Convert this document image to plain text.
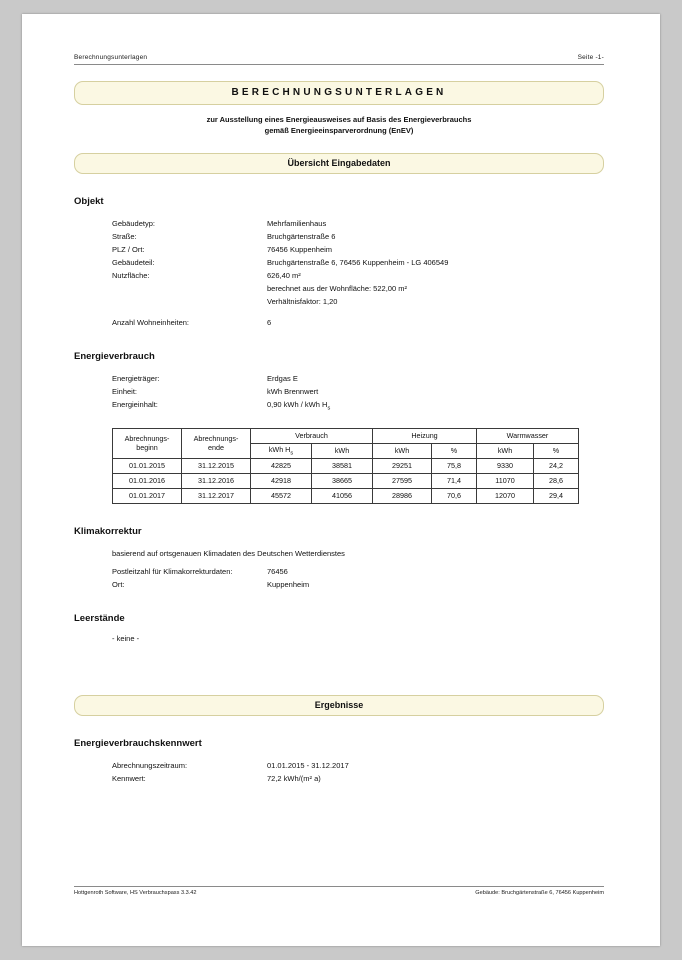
Berechnungsunterlagen	Seite -1-
BERECHNUNGSUNTERLAGEN
zur Ausstellung eines Energieausweises auf Basis des Energieverbrauchs
gemäß Energieeinsparverordnung (EnEV)
Übersicht Eingabedaten
Objekt
Gebäudetyp:	Mehrfamilienhaus
Straße:	Bruchgärtenstraße 6
PLZ / Ort:	76456 Kuppenheim
Gebäudeteil:	Bruchgärtenstraße 6, 76456 Kuppenheim - LG 406549
Nutzfläche:	626,40 m²
berechnet aus der Wohnfläche: 522,00 m²
Verhältnisfaktor: 1,20
Anzahl Wohneinheiten:	6
Energieverbrauch
Energieträger:	Erdgas E
Einheit:	kWh Brennwert
Energieinhalt:	0,90 kWh / kWh $H_s$
Abrechnungs-
beginn

Abrechnungs-
ende
	Verbrauch	Heizung	Warmwasser
		kWh $H_s$	kWh	kWh	%	kWh	%
01.01.2015	31.12.2015	42825	38581	29251	75,8	9330	24,2
01.01.2016	31.12.2016	42918	38665	27595	71,4	11070	28,6
01.01.2017	31.12.2017	45572	41056	28986	70,6	12070	29,4
Klimakorrektur
basierend auf ortsgenauen Klimadaten des Deutschen Wetterdienstes
Postleitzahl für Klimakorrekturdaten:	76456
Ort:	Kuppenheim
Leerstände
- keine -
Ergebnisse
Energieverbrauchskennwert
Abrechnungszeitraum:	01.01.2015 - 31.12.2017
Kennwert:	72,2 kWh/(m² a)
Hottgenroth Software, HS Verbrauchspass 3.3.42	Gebäude: Bruchgärtenstraße 6, 76456 Kuppenheim
